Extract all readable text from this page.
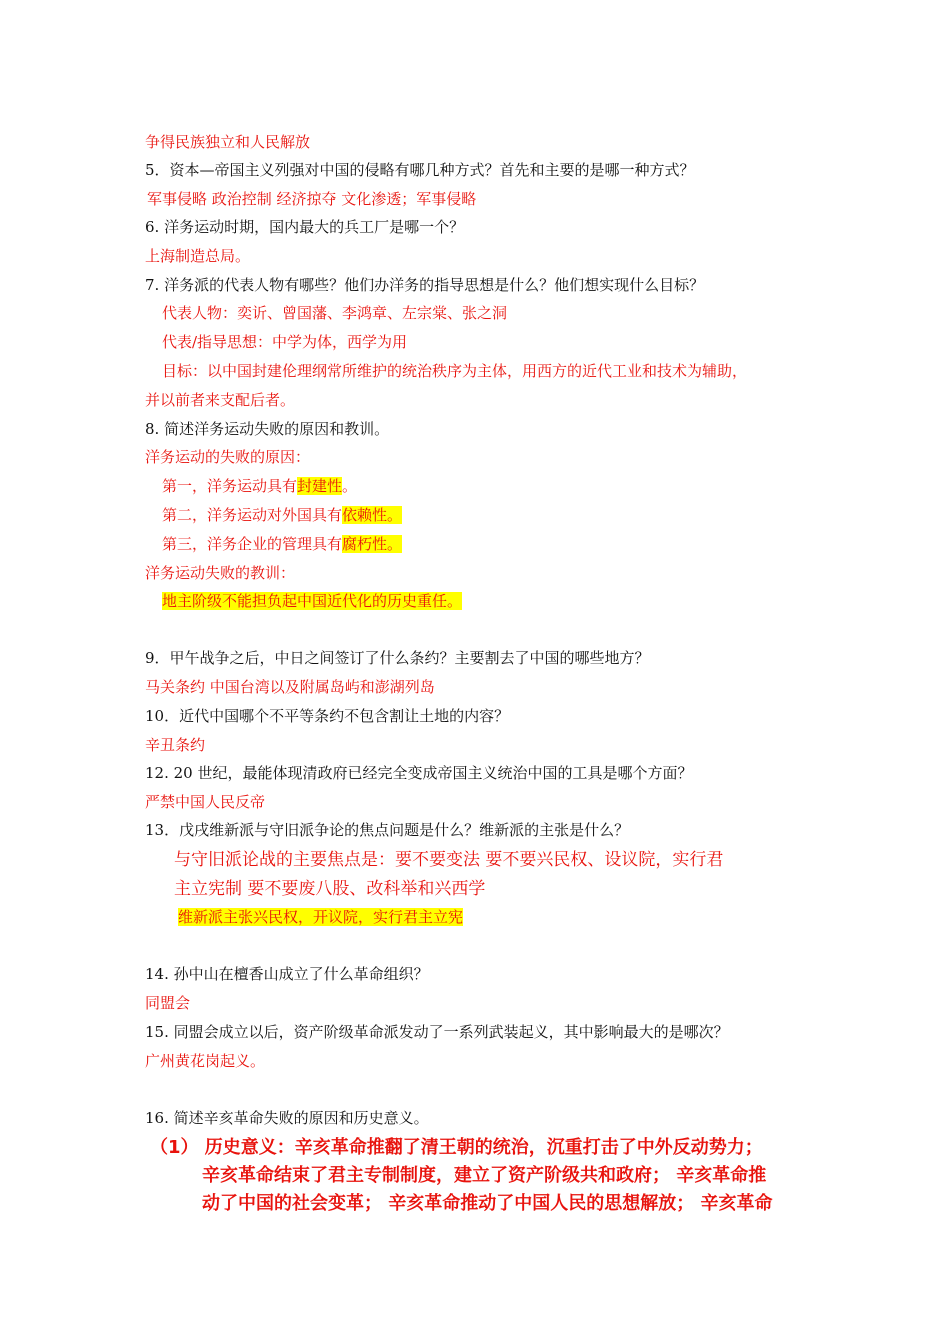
争得民族独立和人民解放
5．资本—帝国主义列强对中国的侵略有哪几种方式？首先和主要的是哪一种方式？
军事侵略 政治控制 经济掠夺 文化渗透；军事侵略
6. 洋务运动时期，国内最大的兵工厂是哪一个？
上海制造总局。
7. 洋务派的代表人物有哪些？他们办洋务的指导思想是什么？他们想实现什么目标？
代表人物：奕䜣、曾国藩、李鸿章、左宗棠、张之洞
代表/指导思想：中学为体，西学为用
目标：以中国封建伦理纲常所维护的统治秩序为主体，用西方的近代工业和技术为辅助，
并以前者来支配后者。
8. 简述洋务运动失败的原因和教训。
洋务运动的失败的原因：
第一，洋务运动具有封建性。
第二，洋务运动对外国具有依赖性。
第三，洋务企业的管理具有腐朽性。
洋务运动失败的教训：
地主阶级不能担负起中国近代化的历史重任。
9．甲午战争之后，中日之间签订了什么条约？主要割去了中国的哪些地方？
马关条约 中国台湾以及附属岛屿和澎湖列岛
10．近代中国哪个不平等条约不包含割让土地的内容？
辛丑条约
12. 20 世纪，最能体现清政府已经完全变成帝国主义统治中国的工具是哪个方面？
严禁中国人民反帝
13．戊戌维新派与守旧派争论的焦点问题是什么？维新派的主张是什么？
与守旧派论战的主要焦点是：要不要变法 要不要兴民权、设议院，实行君
主立宪制 要不要废八股、改科举和兴西学
维新派主张兴民权，开议院，实行君主立宪
14. 孙中山在檀香山成立了什么革命组织？
同盟会
15. 同盟会成立以后，资产阶级革命派发动了一系列武装起义，其中影响最大的是哪次？
广州黄花岗起义。
16. 简述辛亥革命失败的原因和历史意义。
（1） 历史意义：辛亥革命推翻了清王朝的统治，沉重打击了中外反动势力；
辛亥革命结束了君主专制制度，建立了资产阶级共和政府； 辛亥革命推
动了中国的社会变革； 辛亥革命推动了中国人民的思想解放； 辛亥革命
